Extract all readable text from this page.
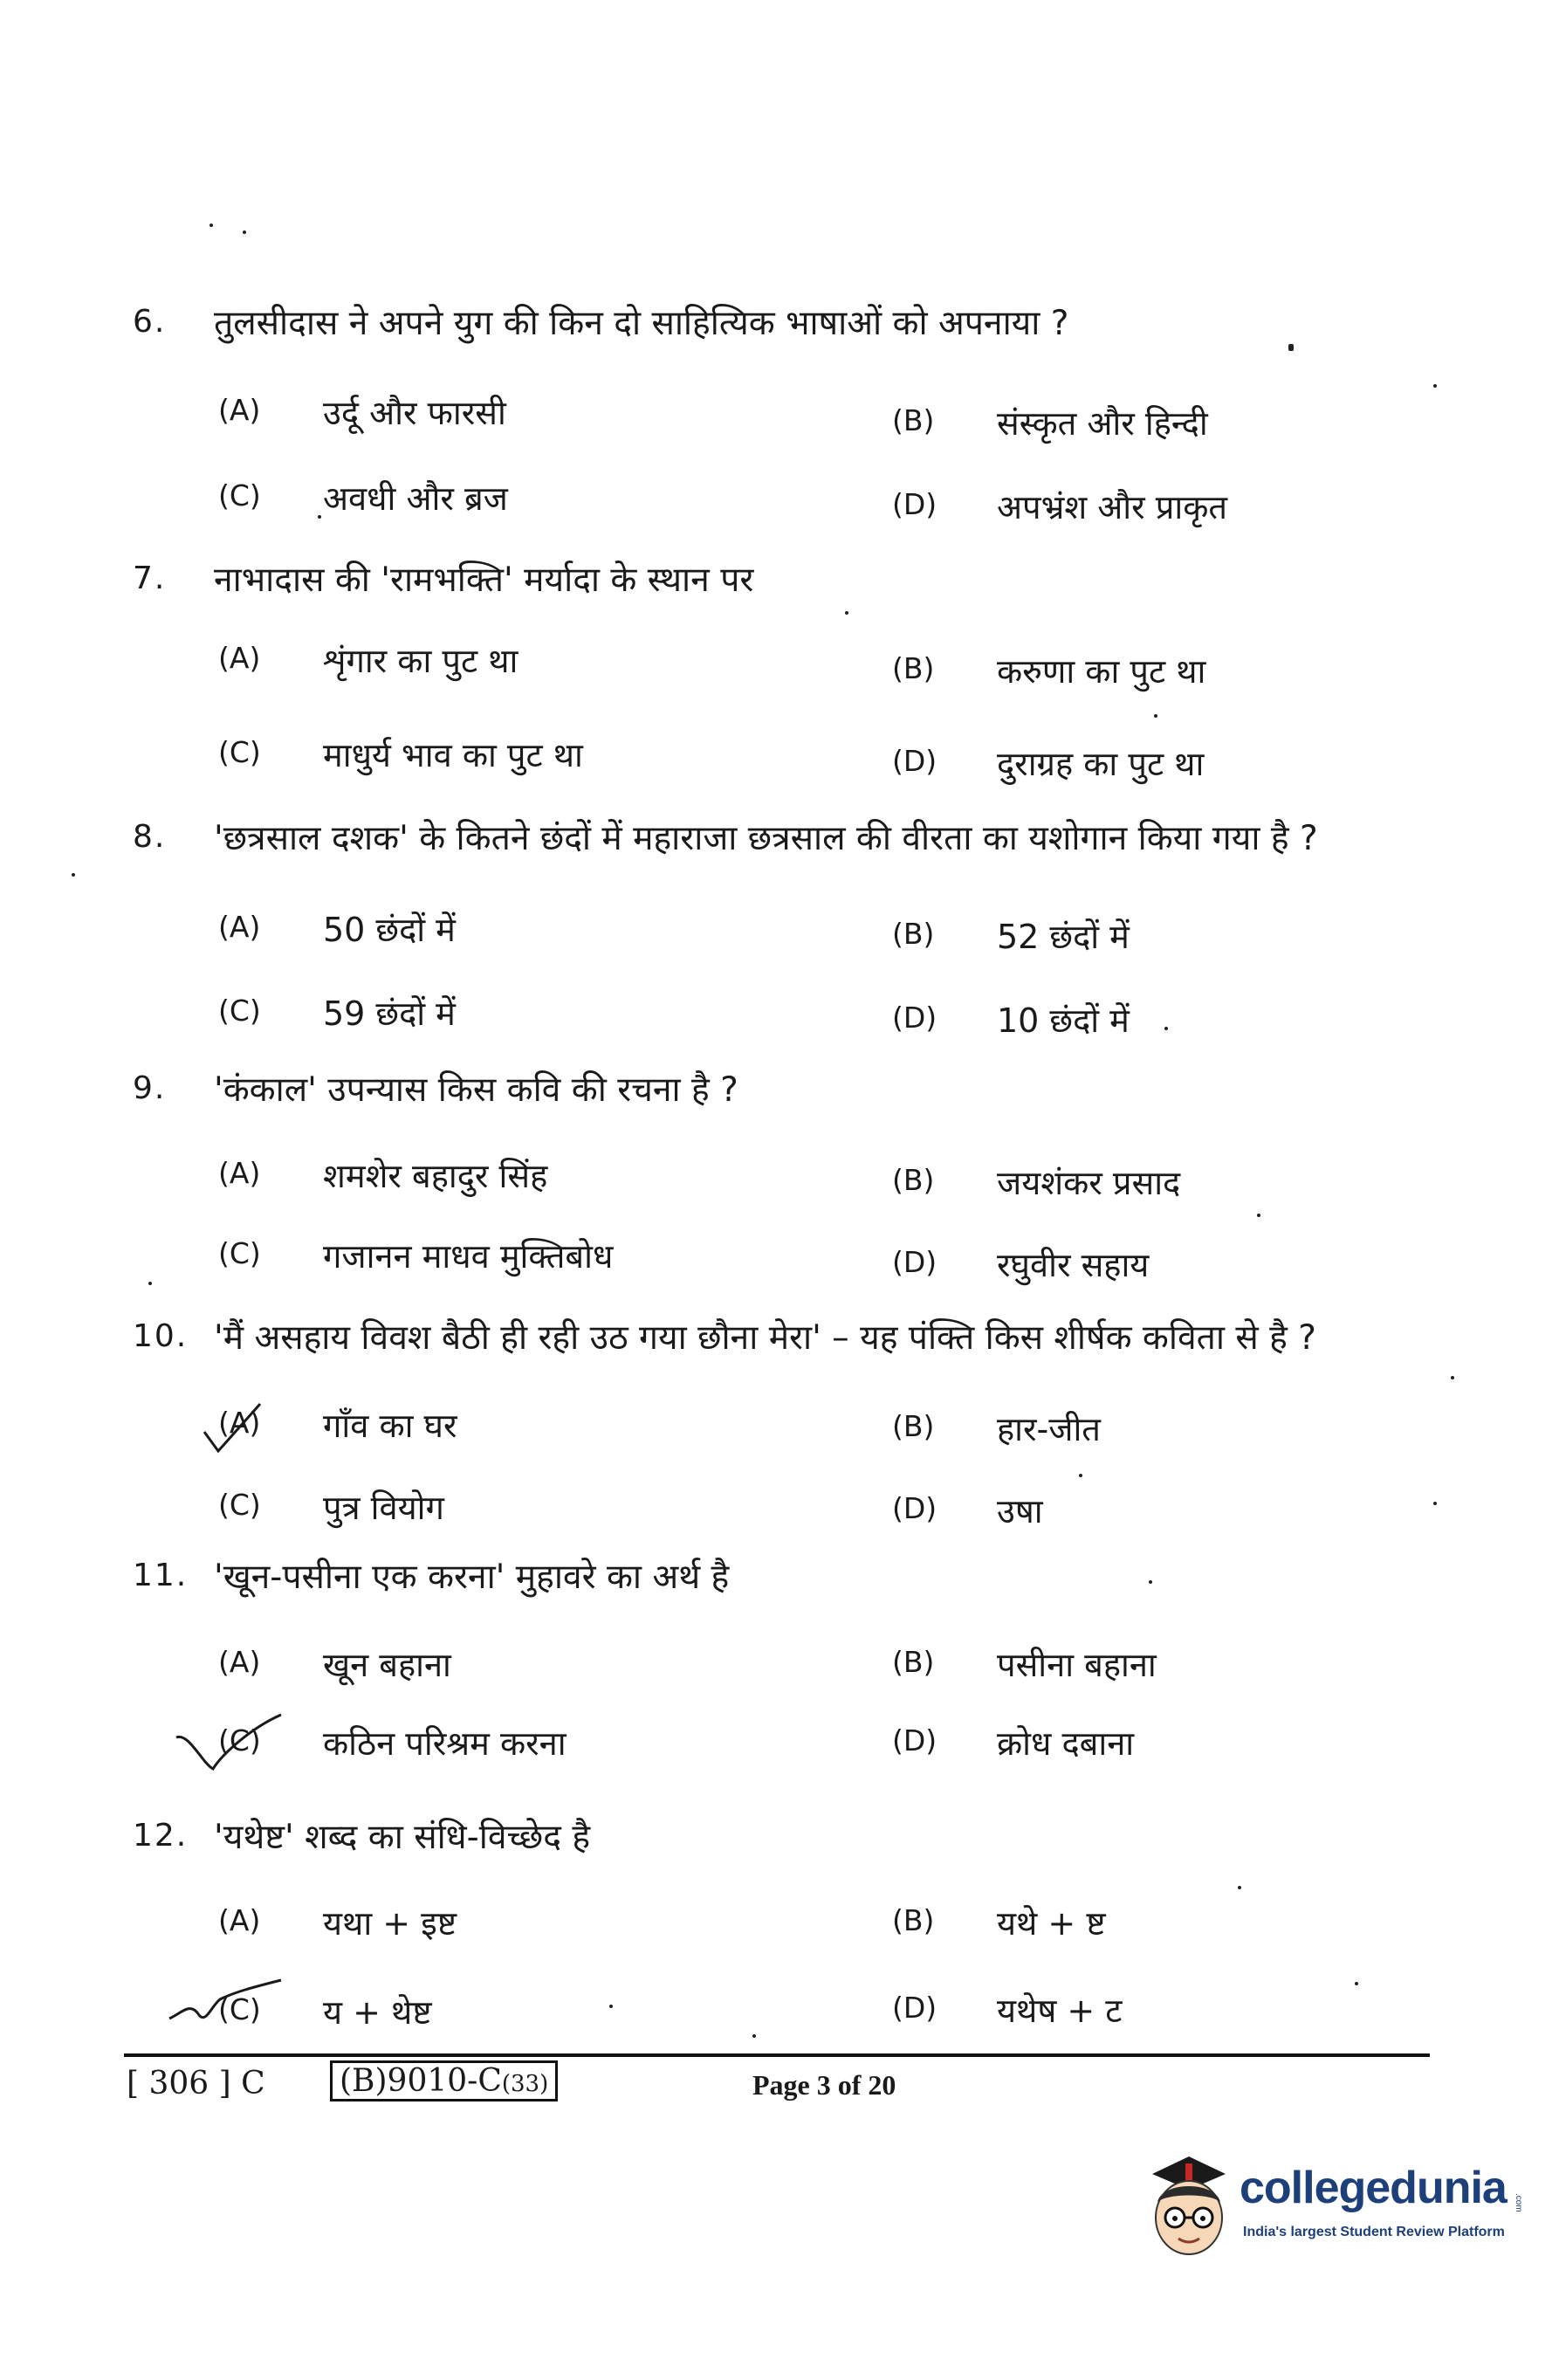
6. तुलसीदास ने अपने युग की किन दो साहित्यिक भाषाओं को अपनाया ?
(A) उर्दू और फारसी	(B) संस्कृत और हिन्दी
(C) अवधी और ब्रज	(D) अपभ्रंश और प्राकृत
7. नाभादास की 'रामभक्ति' मर्यादा के स्थान पर
(A) शृंगार का पुट था	(B) करुणा का पुट था
(C) माधुर्य भाव का पुट था	(D) दुराग्रह का पुट था
8. 'छत्रसाल दशक' के कितने छंदों में महाराजा छत्रसाल की वीरता का यशोगान किया गया है ?
(A) 50 छंदों में	(B) 52 छंदों में
(C) 59 छंदों में	(D) 10 छंदों में
9. 'कंकाल' उपन्यास किस कवि की रचना है ?
(A) शमशेर बहादुर सिंह	(B) जयशंकर प्रसाद
(C) गजानन माधव मुक्तिबोध	(D) रघुवीर सहाय
10. 'मैं असहाय विवश बैठी ही रही उठ गया छौना मेरा' – यह पंक्ति किस शीर्षक कविता से है ?
(A) गाँव का घर	(B) हार-जीत
(C) पुत्र वियोग	(D) उषा
11. 'खून-पसीना एक करना' मुहावरे का अर्थ है
(A) खून बहाना	(B) पसीना बहाना
(C) कठिन परिश्रम करना	(D) क्रोध दबाना
12. 'यथेष्ट' शब्द का संधि-विच्छेद है
(A) यथा + इष्ट	(B) यथे + ष्ट
(C) य + थेष्ट	(D) यथेष + ट
[ 306 ] C	(B)9010-C(33)	Page 3 of 20
collegedunia .com
India's largest Student Review Platform
